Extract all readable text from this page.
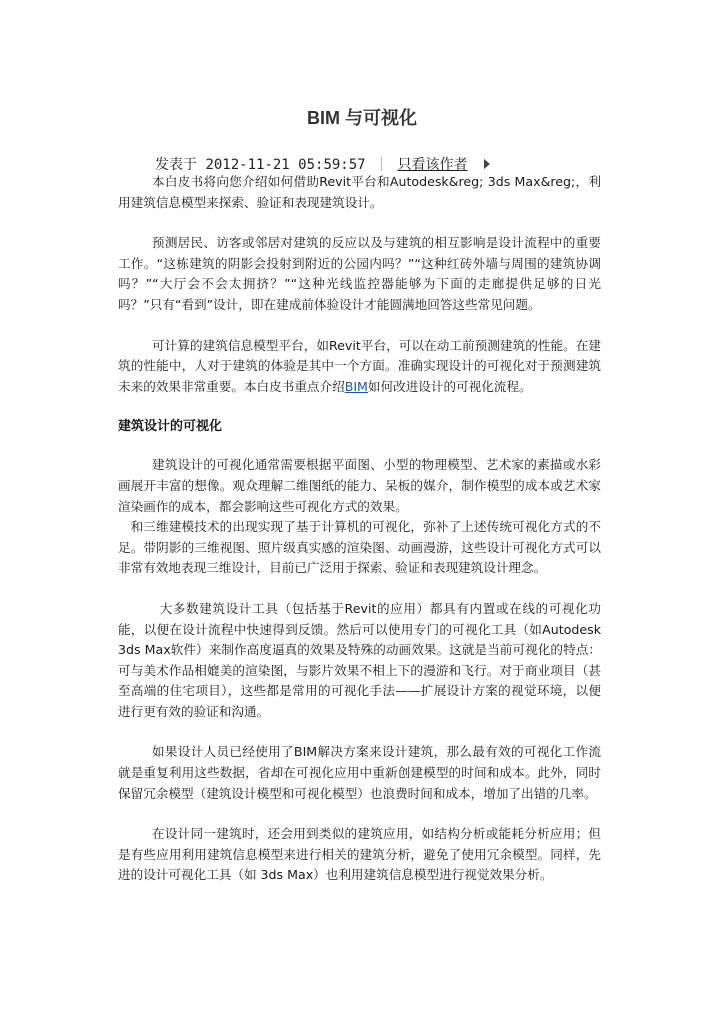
BIM 与可视化
发表于 2012-11-21 05:59:57 只看该作者

本白皮书将向您介绍如何借助Revit平台和Autodesk&reg; 3ds Max&reg;，利用建筑信息模型来探索、验证和表现建筑设计。

预测居民、访客或邻居对建筑的反应以及与建筑的相互影响是设计流程中的重要工作。“这栋建筑的阴影会投射到附近的公园内吗？”“这种红砖外墙与周围的建筑协调吗？”“大厅会不会太拥挤？”“这种光线监控器能够为下面的走廊提供足够的日光吗？”只有“看到”设计，即在建成前体验设计才能圆满地回答这些常见问题。

可计算的建筑信息模型平台，如Revit平台，可以在动工前预测建筑的性能。在建筑的性能中，人对于建筑的体验是其中一个方面。准确实现设计的可视化对于预测建筑未来的效果非常重要。本白皮书重点介绍BIM如何改进设计的可视化流程。

建筑设计的可视化

建筑设计的可视化通常需要根据平面图、小型的物理模型、艺术家的素描或水彩画展开丰富的想像。观众理解二维图纸的能力、呆板的媒介，制作模型的成本或艺术家渲染画作的成本，都会影响这些可视化方式的效果。

和三维建模技术的出现实现了基于计算机的可视化，弥补了上述传统可视化方式的不足。带阴影的三维视图、照片级真实感的渲染图、动画漫游，这些设计可视化方式可以非常有效地表现三维设计，目前已广泛用于探索、验证和表现建筑设计理念。

大多数建筑设计工具（包括基于Revit的应用）都具有内置或在线的可视化功能，以便在设计流程中快速得到反馈。然后可以使用专门的可视化工具（如Autodesk 3ds Max软件）来制作高度逼真的效果及特殊的动画效果。这就是当前可视化的特点：可与美术作品相媲美的渲染图，与影片效果不相上下的漫游和飞行。对于商业项目（甚至高端的住宅项目），这些都是常用的可视化手法——扩展设计方案的视觉环境，以便进行更有效的验证和沟通。

如果设计人员已经使用了BIM解决方案来设计建筑，那么最有效的可视化工作流就是重复利用这些数据，省却在可视化应用中重新创建模型的时间和成本。此外，同时保留冗余模型（建筑设计模型和可视化模型）也浪费时间和成本，增加了出错的几率。

在设计同一建筑时，还会用到类似的建筑应用，如结构分析或能耗分析应用；但是有些应用利用建筑信息模型来进行相关的建筑分析，避免了使用冗余模型。同样，先进的设计可视化工具（如 3ds Max）也利用建筑信息模型进行视觉效果分析。
